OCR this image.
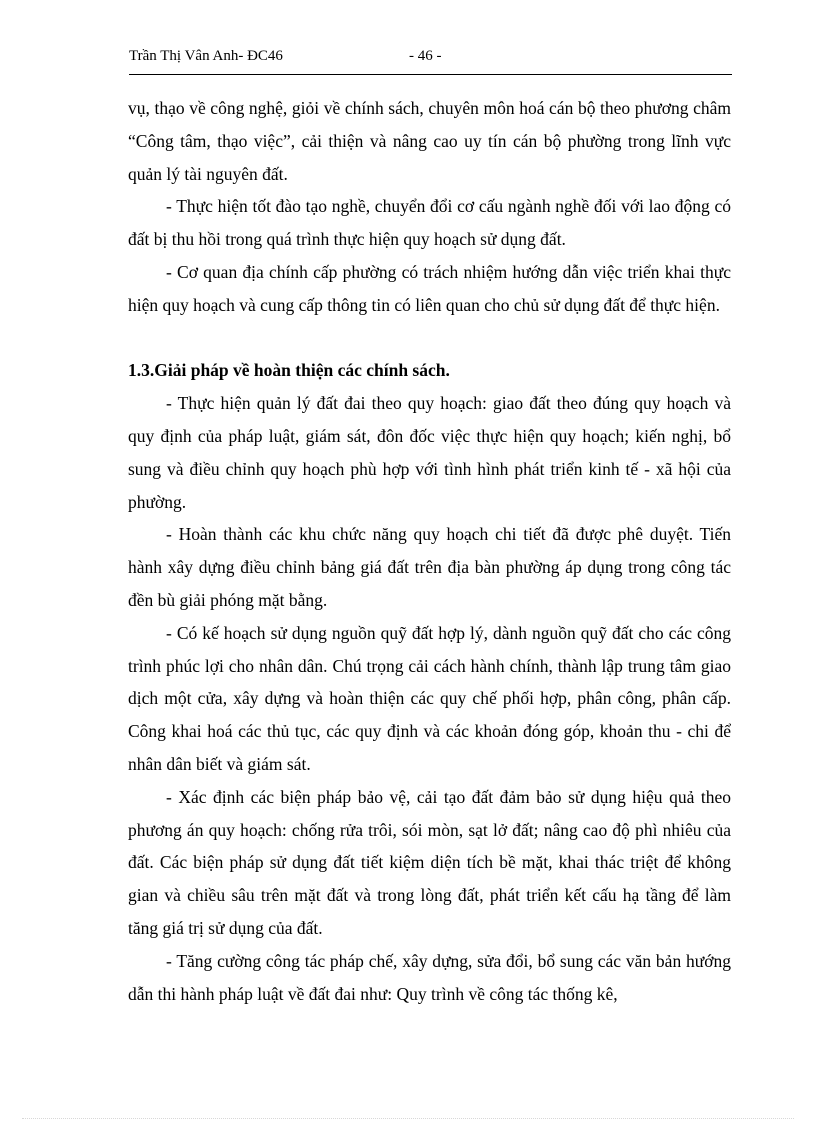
Trần Thị Vân Anh- ĐC46	- 46 -

vụ, thạo về công nghệ, giỏi về chính sách, chuyên môn hoá cán bộ theo phương châm “Công tâm, thạo việc”, cải thiện và nâng cao uy tín cán bộ phường trong lĩnh vực quản lý tài nguyên đất.

- Thực hiện tốt đào tạo nghề, chuyển đổi cơ cấu ngành nghề đối với lao động có đất bị thu hồi trong quá trình thực hiện quy hoạch sử dụng đất.

- Cơ quan địa chính cấp phường có trách nhiệm hướng dẫn việc triển khai thực hiện quy hoạch và cung cấp thông tin có liên quan cho chủ sử dụng đất để thực hiện.

1.3.Giải pháp về hoàn thiện các chính sách.

- Thực hiện quản lý đất đai theo quy hoạch: giao đất theo đúng quy hoạch và quy định của pháp luật, giám sát, đôn đốc việc thực hiện quy hoạch; kiến nghị, bổ sung và điều chỉnh quy hoạch phù hợp với tình hình phát triển kinh tế - xã hội của phường.

- Hoàn thành các khu chức năng quy hoạch chi tiết đã được phê duyệt. Tiến hành xây dựng điều chỉnh bảng giá đất trên địa bàn phường áp dụng trong công tác đền bù giải phóng mặt bằng.

- Có kế hoạch sử dụng nguồn quỹ đất hợp lý, dành nguồn quỹ đất cho các công trình phúc lợi cho nhân dân. Chú trọng cải cách hành chính, thành lập trung tâm giao dịch một cửa, xây dựng và hoàn thiện các quy chế phối hợp, phân công, phân cấp. Công khai hoá các thủ tục, các quy định và các khoản đóng góp, khoản thu - chi để nhân dân biết và giám sát.

- Xác định các biện pháp bảo vệ, cải tạo đất đảm bảo sử dụng hiệu quả theo phương án quy hoạch: chống rửa trôi, sói mòn, sạt lở đất; nâng cao độ phì nhiêu của đất. Các biện pháp sử dụng đất tiết kiệm diện tích bề mặt, khai thác triệt để không gian và chiều sâu trên mặt đất và trong lòng đất, phát triển kết cấu hạ tầng để làm tăng giá trị sử dụng của đất.

- Tăng cường công tác pháp chế, xây dựng, sửa đổi, bổ sung các văn bản hướng dẫn thi hành pháp luật về đất đai như: Quy trình về công tác thống kê,
